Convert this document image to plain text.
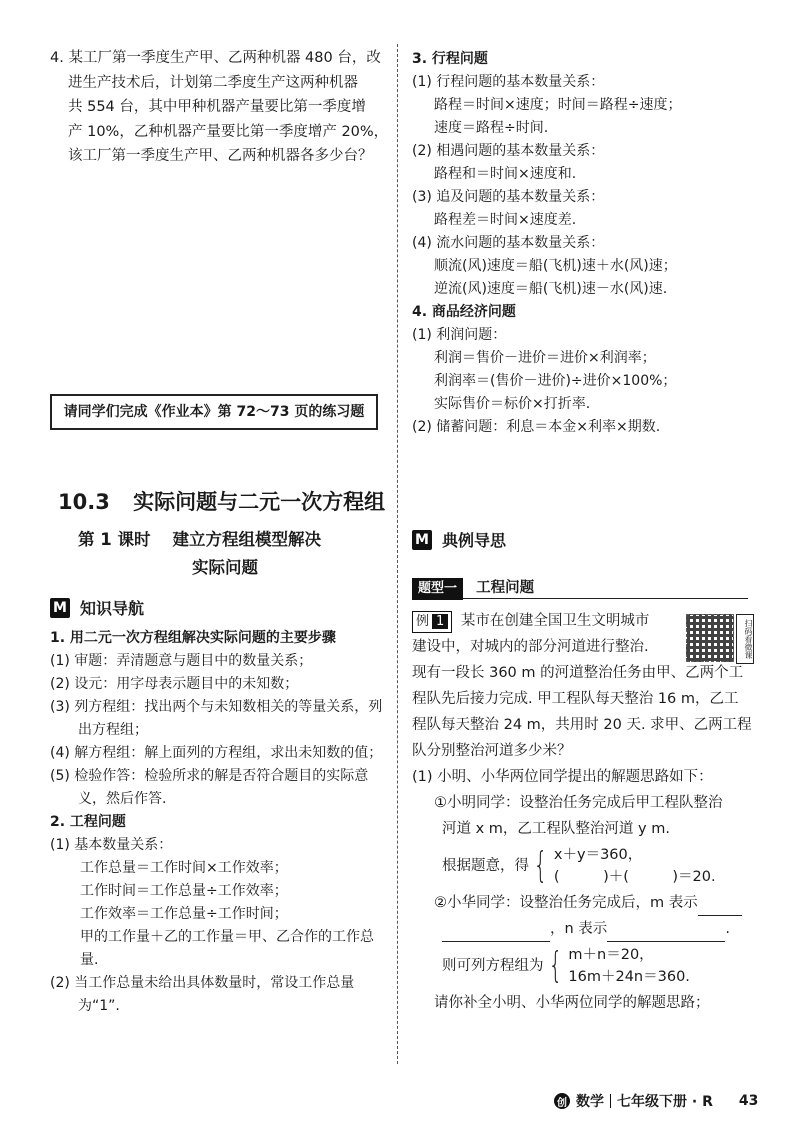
4. 某工厂第一季度生产甲、乙两种机器 480 台，改

进生产技术后，计划第二季度生产这两种机器
共 554 台，其中甲种机器产量要比第一季度增
产 10%，乙种机器产量要比第一季度增产 20%，
该工厂第一季度生产甲、乙两种机器各多少台？
请同学们完成《作业本》第 72～73 页的练习题
10.3 实际问题与二元一次方程组
第 1 课时 建立方程组模型解决
实际问题
M 知识导航

1. 用二元一次方程组解决实际问题的主要步骤

(1) 审题：弄清题意与题目中的数量关系；

(2) 设元：用字母表示题目中的未知数；

(3) 列方程组：找出两个与未知数相关的等量关系，列出方程组；

(4) 解方程组：解上面列的方程组，求出未知数的值；

(5) 检验作答：检验所求的解是否符合题目的实际意义，然后作答.

2. 工程问题

(1) 基本数量关系：

工作总量＝工作时间×工作效率；

工作时间＝工作总量÷工作效率；

工作效率＝工作总量÷工作时间；

甲的工作量＋乙的工作量＝甲、乙合作的工作总量.

(2) 当工作总量未给出具体数量时，常设工作总量为“1”.

3. 行程问题

(1) 行程问题的基本数量关系：

路程＝时间×速度；时间＝路程÷速度；

速度＝路程÷时间.

(2) 相遇问题的基本数量关系：

路程和＝时间×速度和.

(3) 追及问题的基本数量关系：

路程差＝时间×速度差.

(4) 流水问题的基本数量关系：

顺流(风)速度＝船(飞机)速＋水(风)速；

逆流(风)速度＝船(飞机)速－水(风)速.

4. 商品经济问题

(1) 利润问题：

利润＝售价－进价＝进价×利润率；

利润率＝(售价－进价)÷进价×100%；

实际售价＝标价×打折率.

(2) 储蓄问题：利息＝本金×利率×期数.

M 典例导思
题型一 工程问题
扫码看微课

例 1 某市在创建全国卫生文明城市

建设中，对城内的部分河道进行整治.

现有一段长 360 m 的河道整治任务由甲、乙两个工

程队先后接力完成. 甲工程队每天整治 16 m，乙工

程队每天整治 24 m，共用时 20 天. 求甲、乙两工程

队分别整治河道多少米？

(1) 小明、小华两位同学提出的解题思路如下：

①小明同学：设整治任务完成后甲工程队整治

河道 x m，乙工程队整治河道 y m.

根据题意，得 { x＋y＝360，
(　　　)＋(　　　)＝20.

②小华同学：设整治任务完成后，m 表示

，n 表示	.

则可列方程组为 { m＋n＝20，
16m＋24n＝360.

请你补全小明、小华两位同学的解题思路；

创 数学 七年级下册 · R 43
